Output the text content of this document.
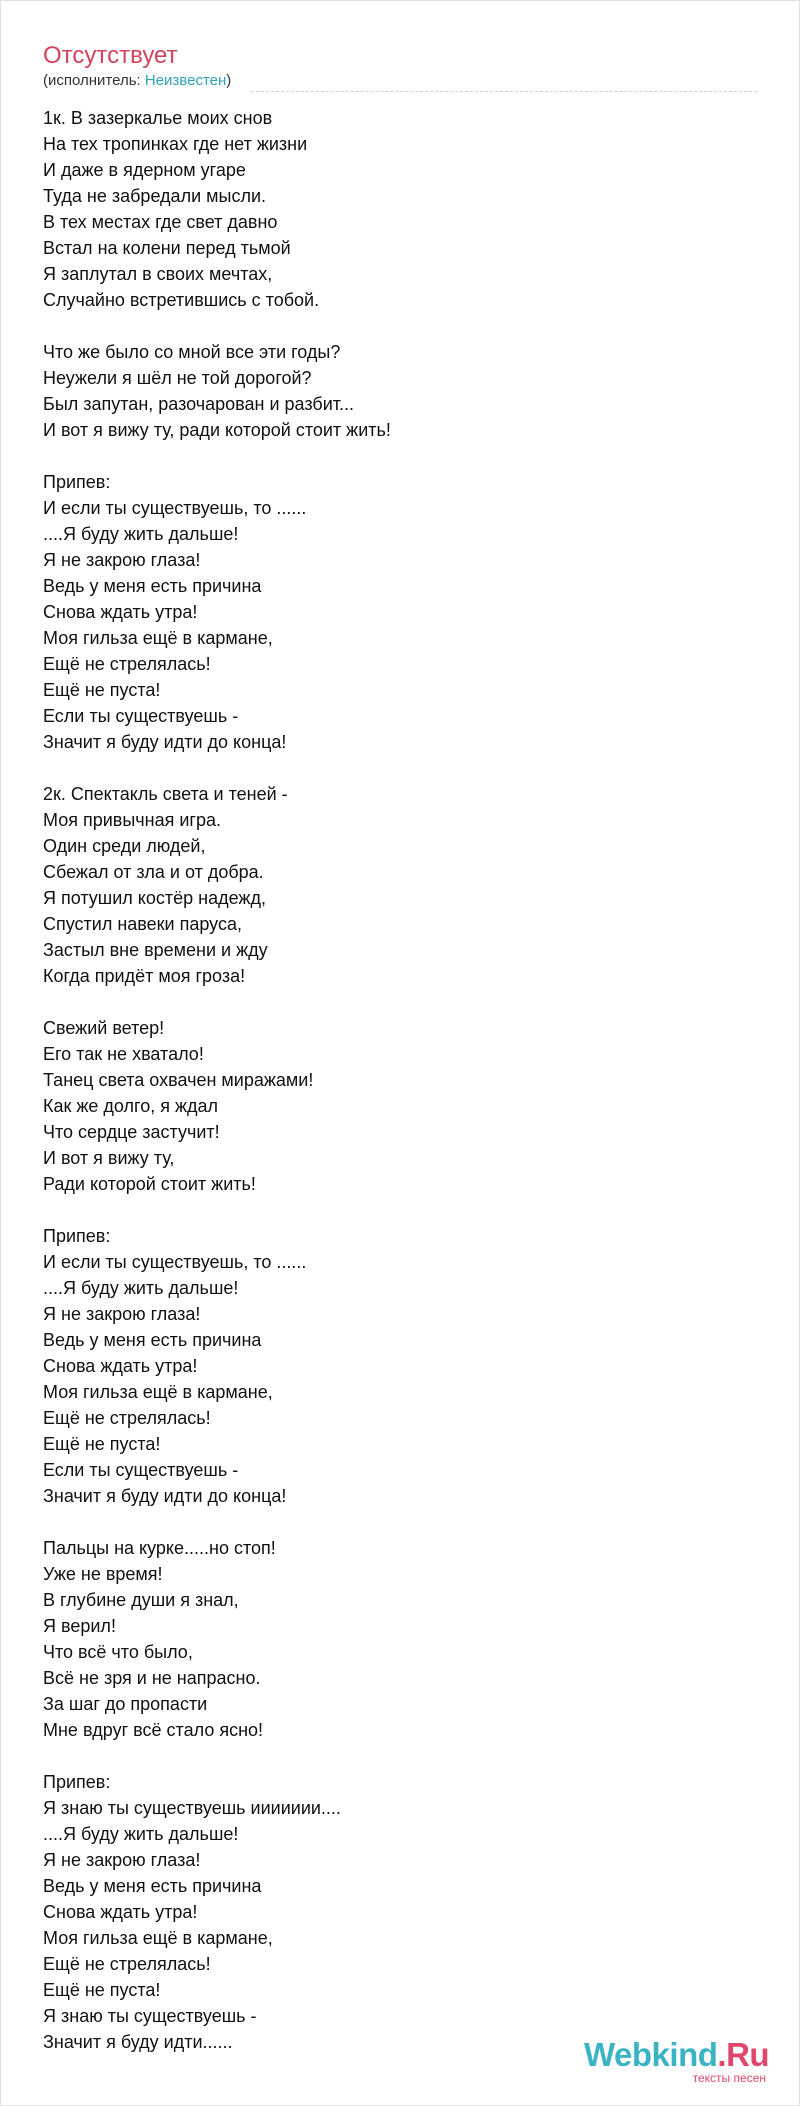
Отсутствует
(исполнитель: Неизвестен)
1к. В зазеркалье моих снов
На тех тропинках где нет жизни
И даже в ядерном угаре
Туда не забредали мысли.
В тех местах где свет давно
Встал на колени перед тьмой
Я заплутал в своих мечтах,
Случайно встретившись с тобой.
Что же было со мной все эти годы?
Неужели я шёл не той дорогой?
Был запутан, разочарован и разбит...
И вот я вижу ту, ради которой стоит жить!
Припев:
И если ты существуешь, то ......
....Я буду жить дальше!
Я не закрою глаза!
Ведь у меня есть причина
Снова ждать утра!
Моя гильза ещё в кармане,
Ещё не стрелялась!
Ещё не пуста!
Если ты существуешь -
Значит я буду идти до конца!
2к. Спектакль света и теней -
Моя привычная игра.
Один среди людей,
Сбежал от зла и от добра.
Я потушил костёр надежд,
Спустил навеки паруса,
Застыл вне времени и жду
Когда придёт моя гроза!
Свежий ветер!
Его так не хватало!
Танец света охвачен миражами!
Как же долго, я ждал
Что сердце застучит!
И вот я вижу ту,
Ради которой стоит жить!
Припев:
И если ты существуешь, то ......
....Я буду жить дальше!
Я не закрою глаза!
Ведь у меня есть причина
Снова ждать утра!
Моя гильза ещё в кармане,
Ещё не стрелялась!
Ещё не пуста!
Если ты существуешь -
Значит я буду идти до конца!
Пальцы на курке.....но стоп!
Уже не время!
В глубине души я знал,
Я верил!
Что всё что было,
Всё не зря и не напрасно.
За шаг до пропасти
Мне вдруг всё стало ясно!
Припев:
Я знаю ты существуешь иииииии....
....Я буду жить дальше!
Я не закрою глаза!
Ведь у меня есть причина
Снова ждать утра!
Моя гильза ещё в кармане,
Ещё не стрелялась!
Ещё не пуста!
Я знаю ты существуешь -
Значит я буду идти......	Webkind.Ru
тексты песен
